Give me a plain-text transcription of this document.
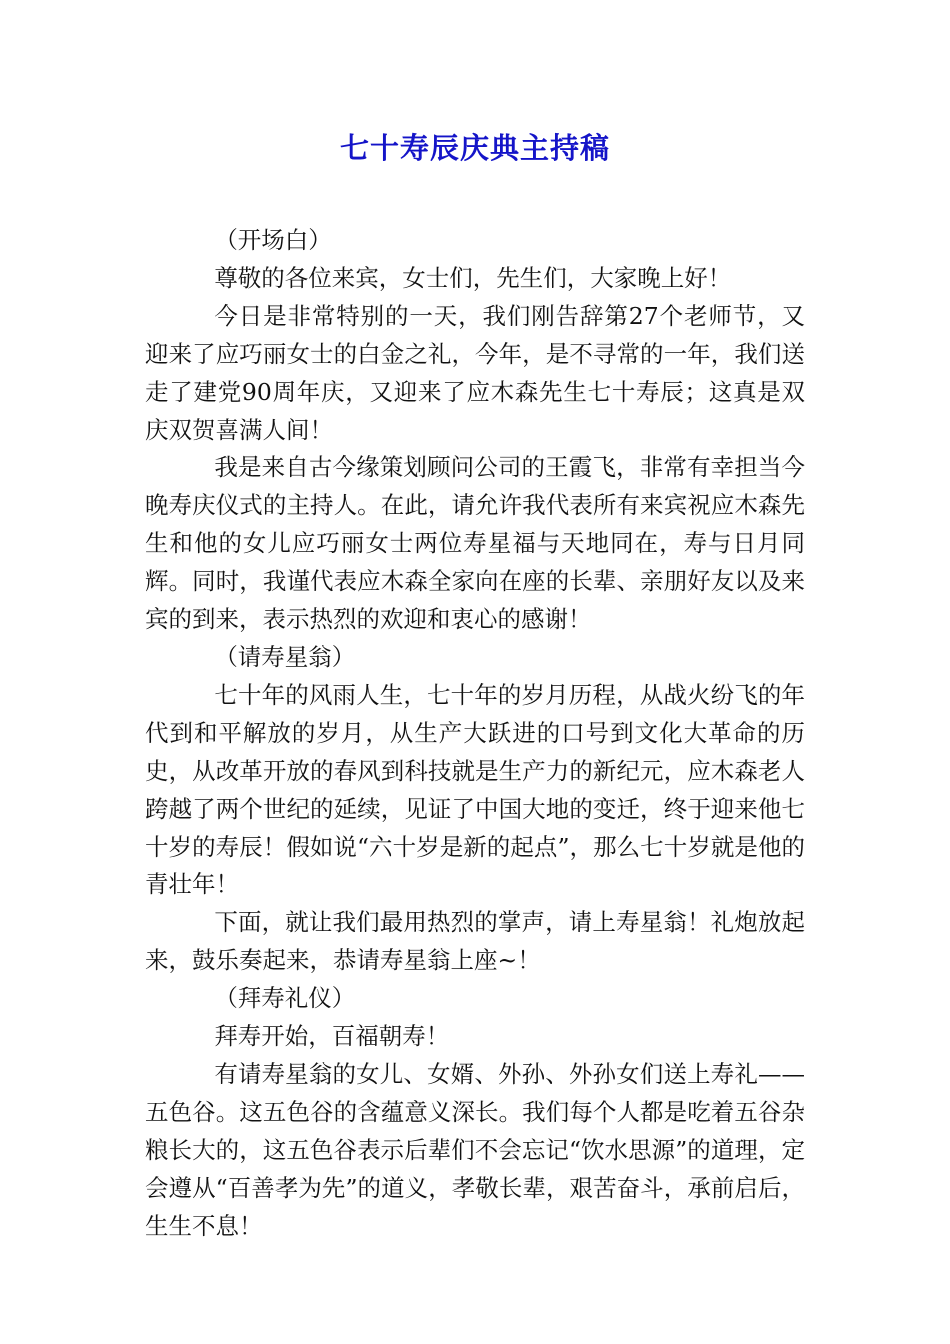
七十寿辰庆典主持稿

（开场白）

尊敬的各位来宾，女士们，先生们，大家晚上好！

今日是非常特别的一天，我们刚告辞第27个老师节，又迎来了应巧丽女士的白金之礼，今年，是不寻常的一年，我们送走了建党90周年庆，又迎来了应木森先生七十寿辰；这真是双庆双贺喜满人间！

我是来自古今缘策划顾问公司的王霞飞，非常有幸担当今晚寿庆仪式的主持人。在此，请允许我代表所有来宾祝应木森先生和他的女儿应巧丽女士两位寿星福与天地同在，寿与日月同辉。同时，我谨代表应木森全家向在座的长辈、亲朋好友以及来宾的到来，表示热烈的欢迎和衷心的感谢！

（请寿星翁）

七十年的风雨人生，七十年的岁月历程，从战火纷飞的年代到和平解放的岁月，从生产大跃进的口号到文化大革命的历史，从改革开放的春风到科技就是生产力的新纪元，应木森老人跨越了两个世纪的延续，见证了中国大地的变迁，终于迎来他七十岁的寿辰！假如说“六十岁是新的起点”，那么七十岁就是他的青壮年！

下面，就让我们最用热烈的掌声，请上寿星翁！礼炮放起来，鼓乐奏起来，恭请寿星翁上座~！

（拜寿礼仪）

拜寿开始，百福朝寿！

有请寿星翁的女儿、女婿、外孙、外孙女们送上寿礼——五色谷。这五色谷的含蕴意义深长。我们每个人都是吃着五谷杂粮长大的，这五色谷表示后辈们不会忘记“饮水思源”的道理，定会遵从“百善孝为先”的道义，孝敬长辈，艰苦奋斗，承前启后，生生不息！
